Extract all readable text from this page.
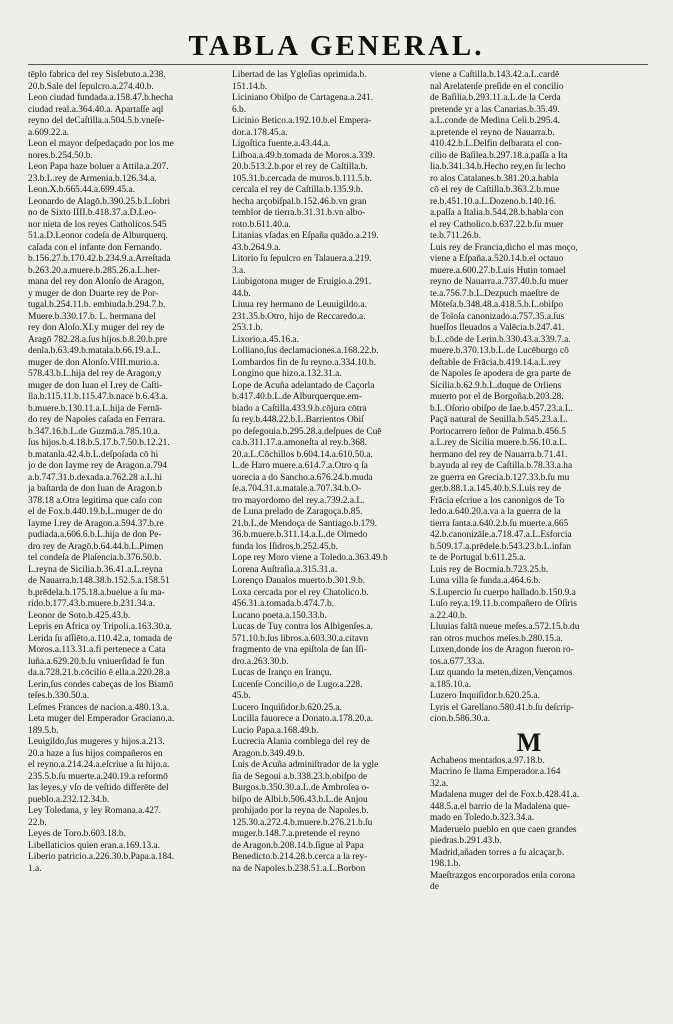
TABLA GENERAL.
tēplo fabrica del rey Sisſebuto.a.238.
20.b.Sale del ſepulcro.a.274.40.b.
Leon ciudad fundada.a.158.47.b.hecha
ciudad real.a.364.40.a. Apartaſſe aql
reyno del deCaſtilla.a.504.5.b.vneſe-
a.609.22.a.
Leon el mayor deſpedaçado por los me
nores.b.254.50.b.
Leon Papa haze boluer a Attila.a.207.
23.b.L.rey de Armenia.b.126.34.a.
Leon.X.b.665.44.a.699.45.a.
Leonardo de Alagō.b.390.25.b.L.ſobri
no de Sixto IIII.b.418.37.a.D.Leo-
nor nieta de los reyes Catholicos.545
51.a.D.Leonor codeſa de Alburquerq.
caſada con el infante don Fernando.
b.156.27.b.170.42.b.234.9.a.Arreſtada
b.263.20.a.muere.b.285.26.a.L.her-
mana del rey don Alonſo de Aragon,
y muger de don Duarte rey de Por-
tugal.b.254.11.b. embiuda.b.294.7.b.
Muere.b.330.17.b. L. hermana del
rey don Aloſo.XI.y muger del rey de
Aragō 782.28.a.ſus hijos.b.8.20.b.pre
denla.b.63.49.b.matala.b.66.19.a.L.
muger de don Alonſo.VIII.murio.a.
578.43.b.L.hija del rey de Aragon,y
muger de don Iuan el I.rey de Caſti-
lla.b.115.11.b.115.47.b.nace b.6.43.a.
b.muere.b.130.11.a.L.hija de Fernā-
do rey de Napoles caſada en Ferrara.
b.347.16.b.L.de Guzmā.a.785.10.a.
ſus hijos.b.4.18.b.5.17.b.7.50.b.12.21.
b.matanla.42.4.b.L.deſpoſada cō hi
jo de don Iayme rey de Aragon.a.794
a.b.747.31.b.dexada.a.762.28 a.L.hi
ja baſtarda de don Iuan de Aragon.b
378.18 a.Otra legitima que caſo con
el de Fox.b.440.19.b.L.muger de do
Iayme I.rey de Aragon.a.594.37.b.re
pudiada.a.606.6.b.L.hija de don Pe-
dro rey de Aragō.b.64.44.b.L.Pimen
tel condeſa de Plaſencia.b.376.50.b.
L.reyna de Sicilia.b.36.41.a.L.reyna
de Nauarra.b.148.38.b.152.5.a.158.51
b.prēdela.b.175.18.a.buelue a ſu ma-
rido.b.177.43.b.muere.b.231.34.a.
Leonor de Soto.b.425.43.b.
Lepris en Africa oy Tripoli.a.163.30.a.
Lerida ſu aſſiēto.a.110.42.a, tomada de
Moros.a.113.31.a.fi pertenece a Cata
luña.a.629.20.b.ſu vniuerſidad ſe fun
da.a.728.21.b.cōcilio ē ella.a.220.28.a
Lerin,ſus condes cabeças de los Biamō
teſes.b.330.50.a.
Leſmes Frances de nacion.a.480.13.a.
Leta muger del Emperador Graciano.a.
189.5.b.
Leuigildo,ſus mugeres y hijos.a.213.
20.a haze a ſus hijos compañeros en
el reyno.a.214.24.a.eſcriue a ſu hijo.a.
235.5.b.ſu muerte.a.240.19.a reformō
las leyes,y vſo de veſtido differēte del
pueblo.a.232.12.34.b.
Ley Toledana, y ley Romana.a.427.
22.b.
Leyes de Toro.b.603.18.b.
Libellaticios quien eran.a.169.13.a.
Liberio patricio.a.226.30.b.Papa.a.184.
1.a.
Libertad de las Ygleſias oprimida.b.
151.14.b.
Liciniano Obiſpo de Cartagena.a.241.
6.b.
Licinio Betico.a.192.10.b.el Empera-
dor.a.178.45.a.
Ligoſtica fuente.a.43.44.a.
Liſboa.a.49.b.tomada de Moros.a.339.
20.b.513.2.b.por el rey de Caſtilla.b.
105.31.b.cercada de muros.b.111.5.b.
cercala el rey de Caſtilla.b.135.9.b.
hecha arçobiſpal.b.152.46.b.vn gran
temblor de tierra.b.31.31.b.vn albo-
roto.b.611.40.a.
Litanias vſadas en Eſpaña quādo.a.219.
43.b.264.9.a.
Litorio ſu ſepulcro en Talauera.a.219.
3.a.
Liubigotona muger de Eruigio.a.291.
44.b.
Liuua rey hermano de Leuuigildo.a.
231.35.b.Otro, hijo de Reccaredo.a.
253.1.b.
Lixorio.a.45.16.a.
Lolliano,ſus declamaciones.a.168.22.b.
Lombardos fin de ſu reyno.a.334.10.b.
Longino que hizo.a.132.31.a.
Lope de Acuña adelantado de Caçorla
b.417.40.b.L.de Alburquerque.em-
biado a Caſtilla.433.9.b.cōjura cōtra
ſu rey.b.448.22.b.L.Barrientos Obiſ
po deſegouia.b.295.28.a.deſpues de Cuē
ca.b.311.17.a.amoneſta al rey.b.368.
20.a.L.Cōchillos b.604.14.a.610.50.a.
L.de Haro muere.a.614.7.a.Otro q ſa
uorecia a do Sancho.a.676.24.b.muda
ſe.a.704.31.a.matale.a.707.34.b.O-
tro mayordomo del rey.a.739.2.a.L.
de Luna prelado de Zaragoça.b.85.
21.b.L.de Mendoça de Santiago.b.179.
36.b.muere.b.311.14.a.L.de Olmedo
funda los Iſidros.b.252.45.b.
Lope rey Moro viene a Toledo.a.363.49.b
Lorena Auſtraſia.a.315.31.a.
Lorenço Daualos muerto.b.301.9.b.
Loxa cercada por el rey Chatolico.b.
456.31.a.tomada.b.474.7.b.
Lucano poeta.a.150.33.b.
Lucas de Tuy contra los Albigenſes.a.
571.10.b.ſus libros.a.603.30.a.citavn
fragmento de vna epiſtola de ſan Iſi-
dro.a.263.30.b.
Lucas de Iranço en Irançu.
Lucenſe Concilio,o de Lugo.a.228.
45.b.
Lucero Inquiſidor.b.620.25.a.
Lucilla fauorece a Donato.a.178.20.a.
Lucio Papa.a.168.49.b.
Lucrecia Alania comblega del rey de
Aragon.b.349.49.b.
Luis de Acuña adminiſtrador de la ygle
ſia de Segoui a.b.338.23.b.obiſpo de
Burgos.b.350.30.a.L.de Ambroſea o-
biſpo de Albi.b.506.43.b.L.de Anjou
prohijado por la reyna de Napoles.b.
125.30.a.272.4.b.muere.b.276.21.b.ſu
muger.b.148.7.a.pretende el reyno
de Aragon.b.208.14.b.ſigue al Papa
Benedicto.b.214.28.b.cerca a la rey-
na de Napoles.b.238.51.a.L.Borbon
viene a Caſtilla.b.143.42.a.L.cardē
nal Arelatenſe preſide en el concilio
de Baſilia.b.293.11.a.L.de la Cerda
pretende yr a las Canarias.b.35.49.
a.L.conde de Medina Celi.b.295.4.
a.pretende el reyno de Nauarra.b.
410.42.b.L.Delfin deſbarata el con-
cilio de Baſilea.b.297.18.a.paſſa a Ita
lia.b.341.34.b.Hecho rey,en ſu lecho
ro alos Catalanes.b.381.20.a.habla
cō el rey de Caſtilla.b.363.2.b.mue
re.b.451.10.a.L.Dozeno.b.140.16.
a.paſſa a Italia.b.544.28.b.habla con
el rey Catholico.b.637.22.b.ſu muer
te.b.711.26.b.
Luis rey de Francia,dicho el mas moço,
viene a Eſpaña.a.520.14.b.el octauo
muere.a.600.27.b.Luis Hutin tomael
reyno de Nauarra.a.737.40.b.ſu muer
te.a.756.7.b.L.Dezpuch maeſtre de
Mōteſa.b.348.48.a.418.5.b.L.obiſpo
de Toloſa canonizado.a.757.35.a.ſus
hueſſos lleuados a Valēcia.b.247.41.
b.L.cōde de Lerin.b.330.43.a.339.7.a.
muere.b.370.13.b.L.de Lucēburgo cō
deſtable de Frācia.b.419.14.a.L.rey
de Napoles ſe apodera de gra parte de
Sicilia.b.62.9.b.L.duque de Orliens
muerto por el de Borgoña.b.203.28.
b.L.Oſorio obiſpo de Iae.b.457.23.a.L.
Paçā natural de Seuilla.b.545.23.a.L.
Portocarrero ſeñor de Palma.b.456.5
a.L.rey de Sicilia muere.b.56.10.a.L.
hermano del rey de Nauarra.b.71.41.
b.ayuda al rey de Caſtilla.b.78.33.a.ha
ze guerra en Grecia.b.127.33.b.ſu mu
ger.b.88.1.a.145.40.b.S.Luis rey de
Frācia eſcriue a los canonigos de To
ledo.a.640.20.a.va a la guerra de la
tierra ſanta.a.640.2.b.ſu muerte.a.665
42.b.canonizāle.a.718.47.a.L.Esforcia
b.509.17.a.prēdele.b.543.23.b.L.infan
te de Portugal b.611.25.a.
Luis rey de Bocmia.b.723.25.b.
Luna villa ſe funda.a.464.6.b.
S.Lupercio ſu cuerpo hallado.b.150.9.a
Luſo rey.a.19.11.b.compañero de Oſiris
a.22.40.b.
Lluuias faltā nueue meſes.a.572.15.b.du
ran otros muchos meſes.b.280.15.a.
Luxen,donde los de Aragon fueron ro-
tos.a.677.33.a.
Luz quando la meten,dizen,Vençamos
a.185.10.a.
Luzero Inquiſidor.b.620.25.a.
Lyris el Garellano.580.41.b.ſu deſcrip-
cion.b.586.30.a.
M
Achabeos mentados.a.97.18.b.
Macrino ſe llama Emperador.a.164
32.a.
Madalena muger del de Fox.b.428.41.a.
448.5.a.el barrio de la Madalena que-
mado en Toledo.b.323.34.a.
Maderuelo pueblo en que caen grandes
piedras.b.291.43.b.
Madrid,añaden torres a ſu alcaçar,b.
198.1.b.
Maeſtrazgos encorporados enla corona
de
